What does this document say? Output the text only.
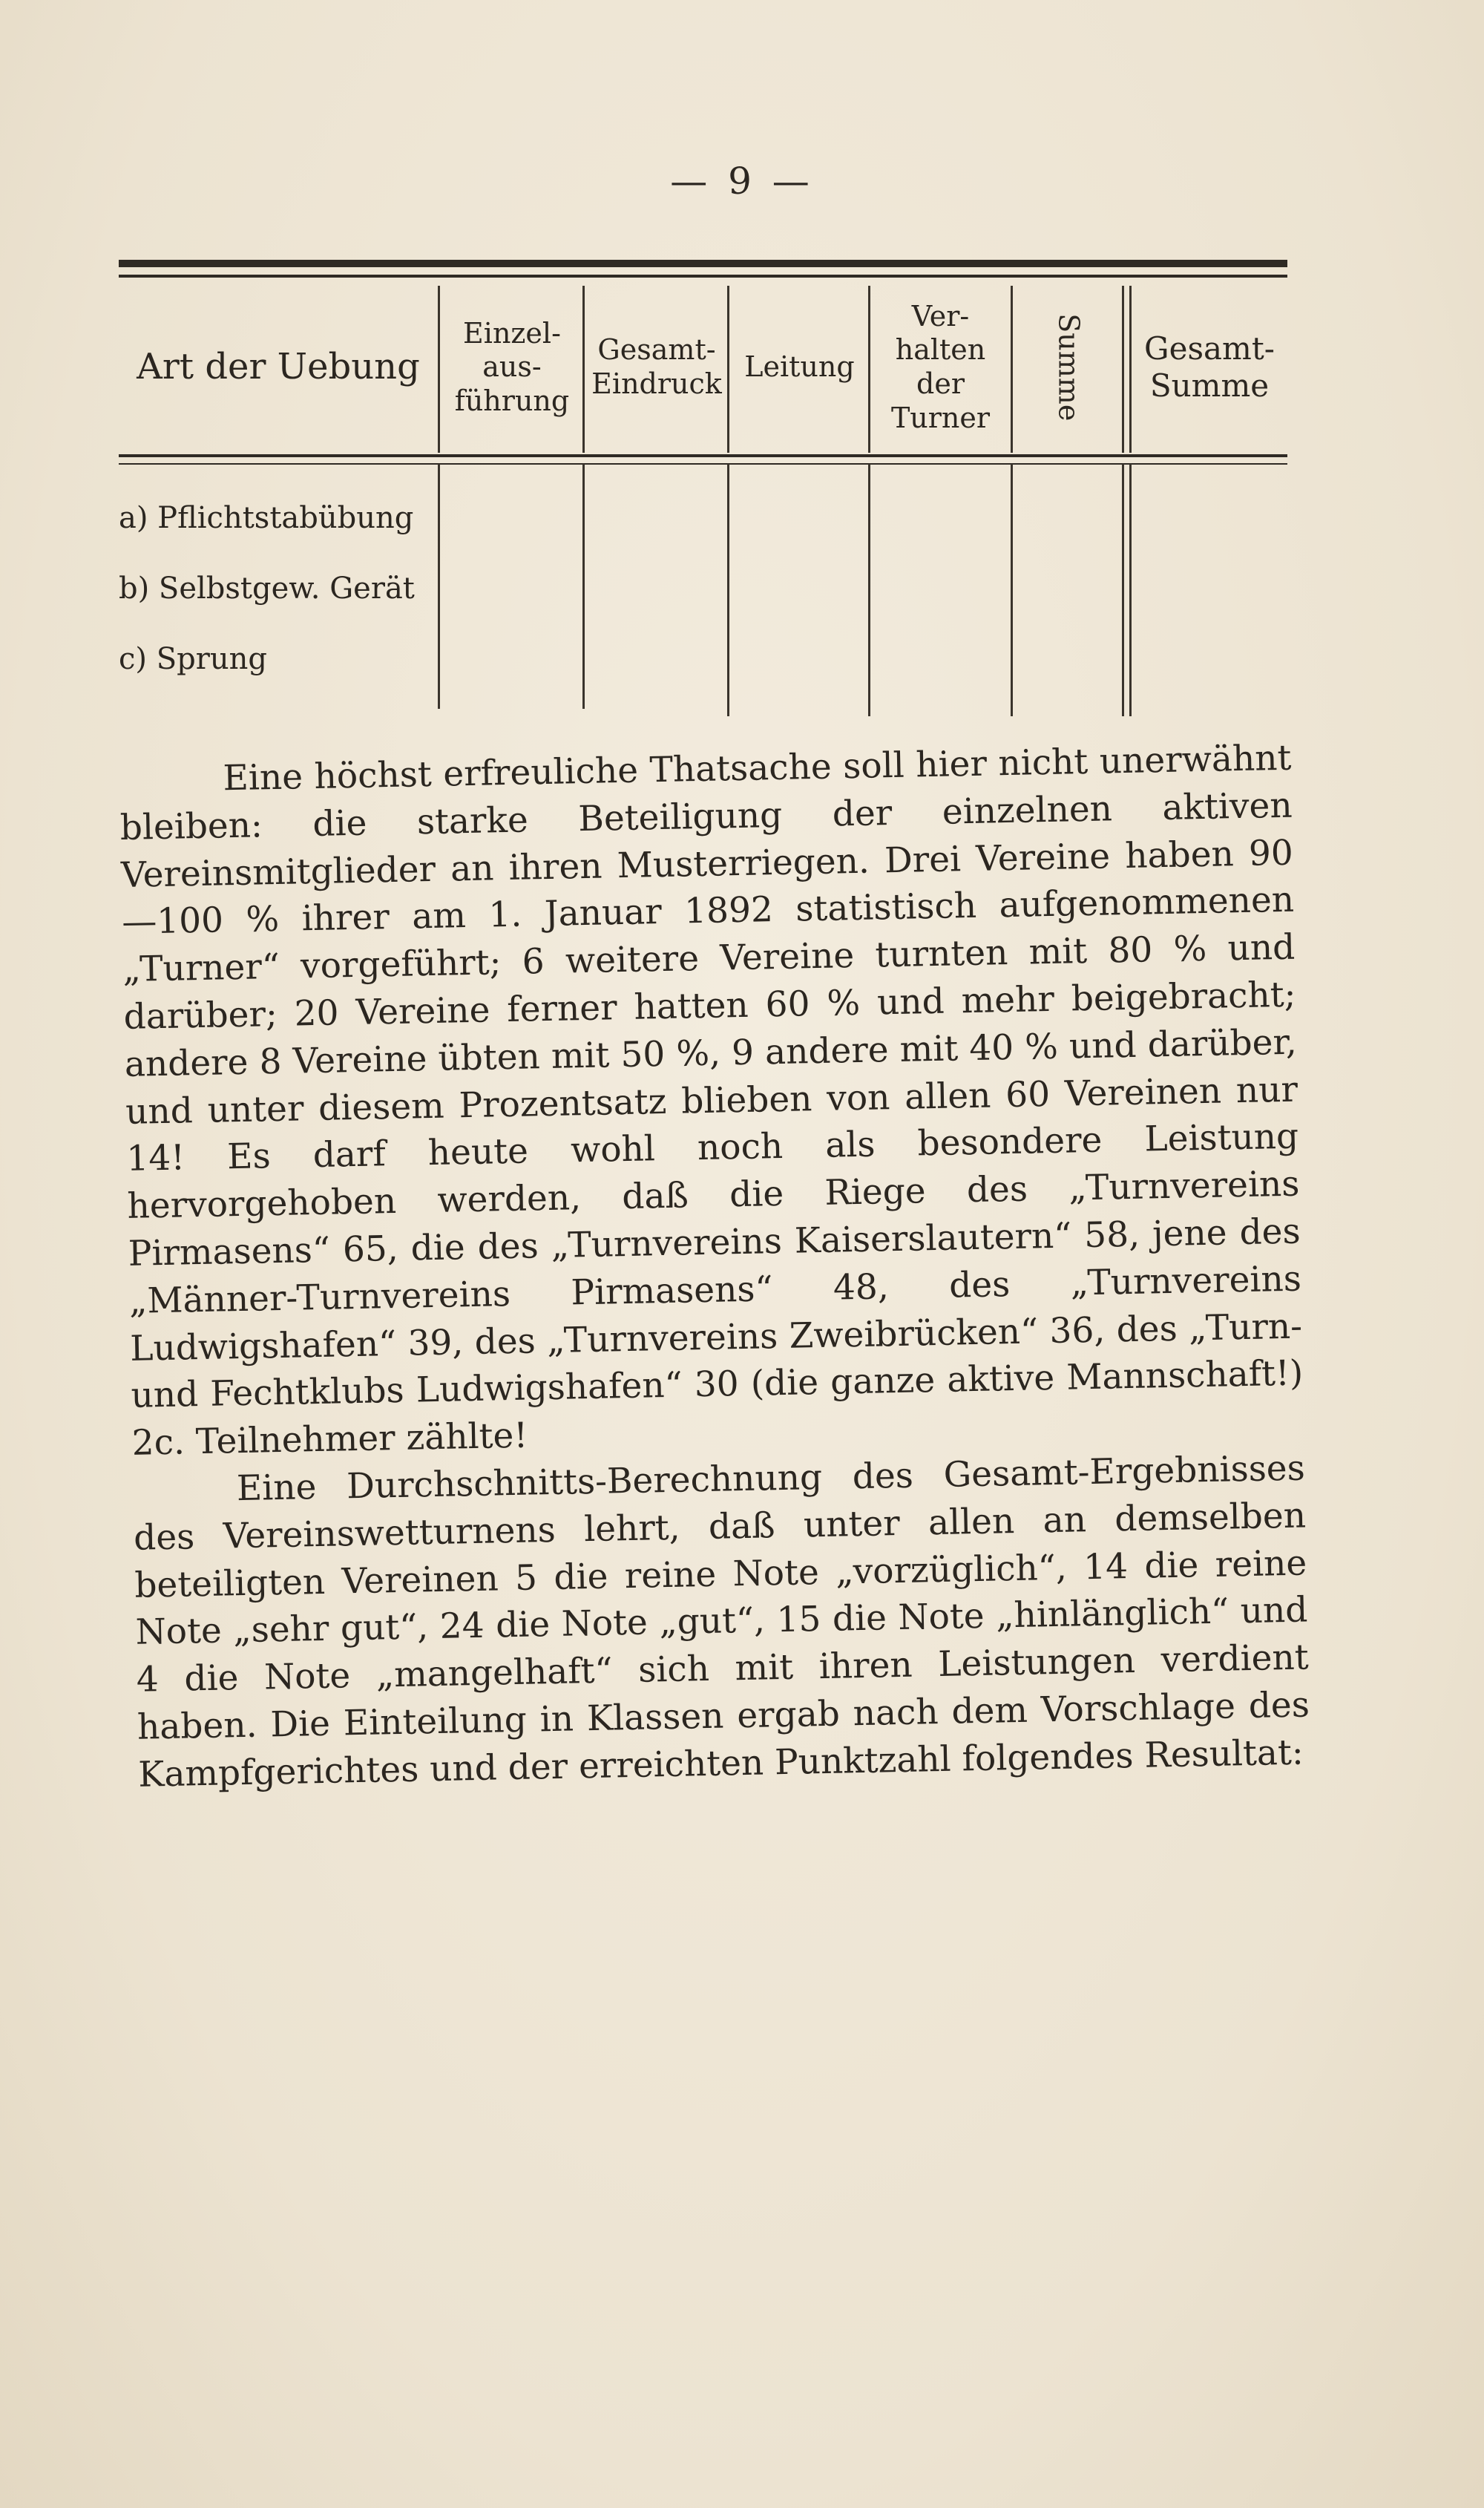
— 9 —
Art der Uebung
Einzel-
aus-
führung
Gesamt-
Eindruck
Leitung
Ver-
halten
der
Turner	Summe	Gesamt-
Summe
a) Pflichtstabübung
b) Selbstgew. Gerät
c) Sprung

Eine höchst erfreuliche Thatsache soll hier nicht unerwähnt bleiben: die starke Beteiligung der einzelnen aktiven Vereinsmitglieder an ihren Musterriegen. Drei Vereine haben 90—100 % ihrer am 1. Januar 1892 statistisch aufgenommenen „Turner“ vorgeführt; 6 weitere Vereine turnten mit 80 % und darüber; 20 Vereine ferner hatten 60 % und mehr beigebracht; andere 8 Vereine übten mit 50 %, 9 andere mit 40 % und darüber, und unter diesem Prozentsatz blieben von allen 60 Vereinen nur 14! Es darf heute wohl noch als besondere Leistung hervorgehoben werden, daß die Riege des „Turnvereins Pirmasens“ 65, die des „Turnvereins Kaiserslautern“ 58, jene des „Männer-Turnvereins Pirmasens“ 48, des „Turnvereins Ludwigshafen“ 39, des „Turnvereins Zweibrücken“ 36, des „Turn- und Fechtklubs Ludwigshafen“ 30 (die ganze aktive Mannschaft!) 2c. Teilnehmer zählte!

Eine Durchschnitts-Berechnung des Gesamt-Ergebnisses des Vereinswetturnens lehrt, daß unter allen an demselben beteiligten Vereinen 5 die reine Note „vorzüglich“, 14 die reine Note „sehr gut“, 24 die Note „gut“, 15 die Note „hinlänglich“ und 4 die Note „mangelhaft“ sich mit ihren Leistungen verdient haben. Die Einteilung in Klassen ergab nach dem Vorschlage des Kampfgerichtes und der erreichten Punktzahl folgendes Resultat:
